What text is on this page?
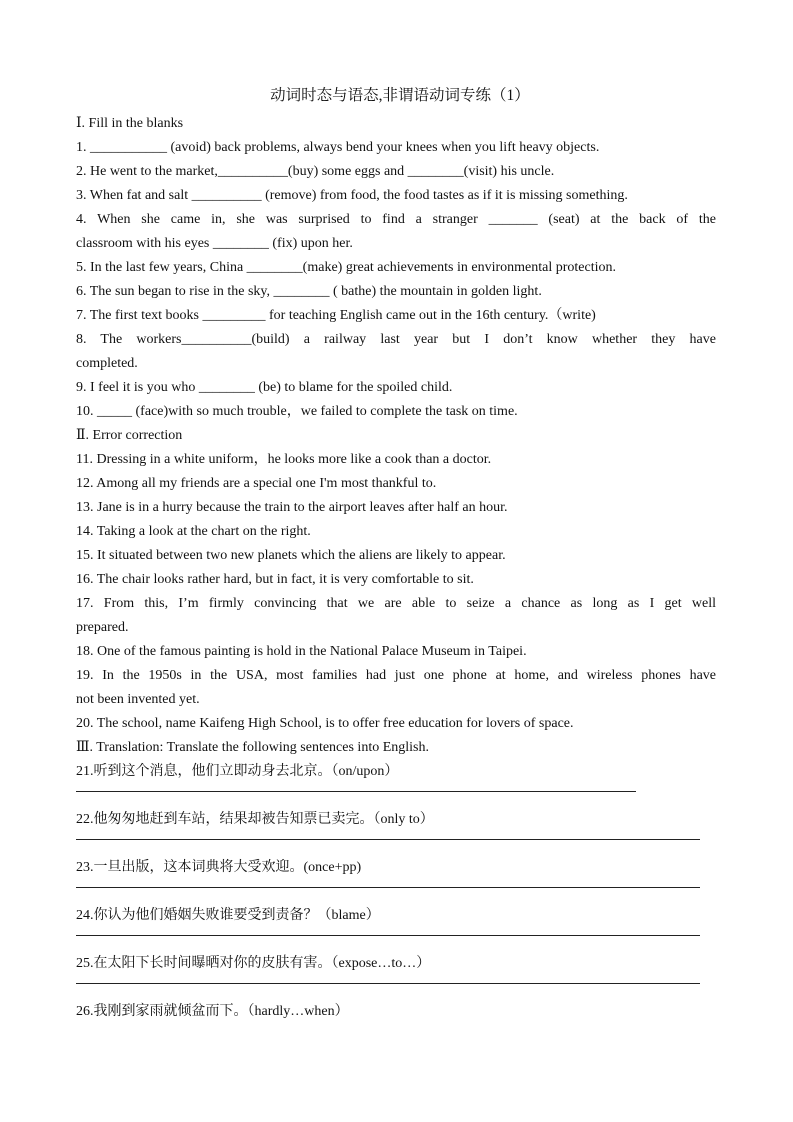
动词时态与语态,非谓语动词专练（1）
Ⅰ. Fill in the blanks
1. ___________ (avoid) back problems, always bend your knees when you lift heavy objects.
2. He went to the market,__________(buy) some eggs and ________(visit) his uncle.
3. When fat and salt __________ (remove) from food, the food tastes as if it is missing something.
4. When she came in, she was surprised to find a stranger _______ (seat) at the back of the
classroom with his eyes ________ (fix) upon her.
5. In the last few years, China ________(make) great achievements in environmental protection.
6. The sun began to rise in the sky, ________ ( bathe) the mountain in golden light.
7. The first text books _________ for teaching English came out in the 16th century.（write)
8. The workers__________(build) a railway last year but I don’t know whether they have
completed.
9. I feel it is you who ________ (be) to blame for the spoiled child.
10. _____ (face)with so much trouble，we failed to complete the task on time.
Ⅱ. Error correction
11. Dressing in a white uniform，he looks more like a cook than a doctor.
12. Among all my friends are a special one I'm most thankful to.
13. Jane is in a hurry because the train to the airport leaves after half an hour.
14. Taking a look at the chart on the right.
15. It situated between two new planets which the aliens are likely to appear.
16. The chair looks rather hard, but in fact, it is very comfortable to sit.
17. From this, I’m firmly convincing that we are able to seize a chance as long as I get well
prepared.
18. One of the famous painting is hold in the National Palace Museum in Taipei.
19. In the 1950s in the USA, most families had just one phone at home, and wireless phones have
not been invented yet.
20. The school, name Kaifeng High School, is to offer free education for lovers of space.
Ⅲ. Translation: Translate the following sentences into English.
21.听到这个消息，他们立即动身去北京。（on/upon）
22.他匆匆地赶到车站，结果却被告知票已卖完。（only to）
23.一旦出版，这本词典将大受欢迎。(once+pp)
24.你认为他们婚姻失败谁要受到责备？（blame）
25.在太阳下长时间曝晒对你的皮肤有害。（expose…to…）
26.我刚到家雨就倾盆而下。（hardly…when）
